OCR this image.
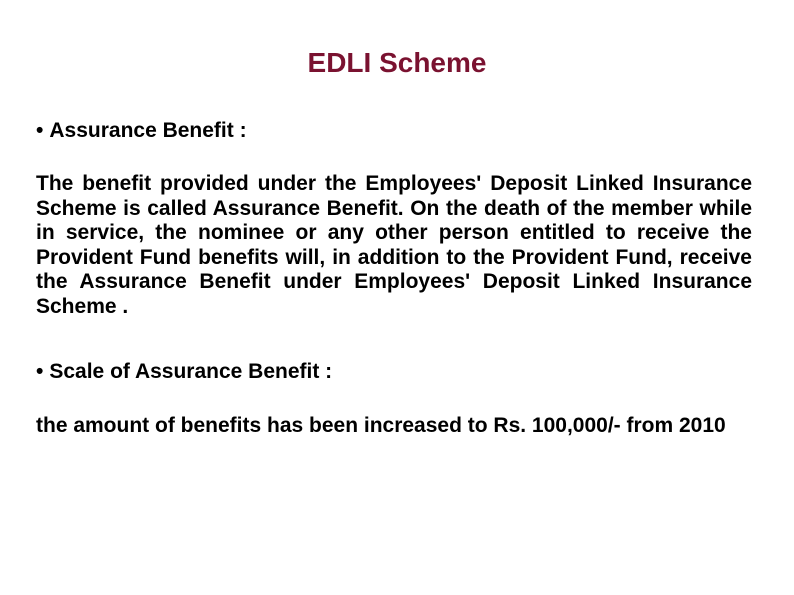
EDLI Scheme
• Assurance Benefit :
The benefit provided under the Employees' Deposit Linked Insurance Scheme is called Assurance Benefit. On the death of the member while in service, the nominee or any other person entitled to receive the Provident Fund benefits will, in addition to the Provident Fund, receive the Assurance Benefit under Employees' Deposit Linked Insurance Scheme .
• Scale of Assurance Benefit :
the amount of benefits has been increased to Rs. 100,000/- from 2010
